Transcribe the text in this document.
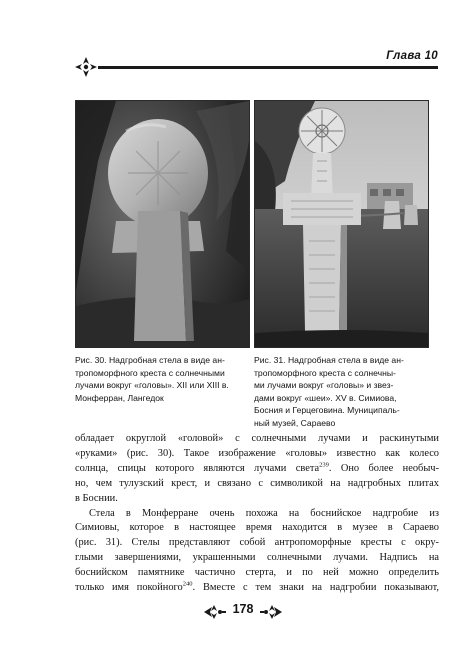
Глава 10
Рис. 30. Надгробная стела в виде ан-
тропоморфного креста с солнечными
лучами вокруг «головы». XII или XIII в.
Монферран, Лангедок
Рис. 31. Надгробная стела в виде ан-
тропоморфного креста с солнечны-
ми лучами вокруг «головы» и звез-
дами вокруг «шеи». XV в. Симиова,
Босния и Герцеговина. Муниципаль-
ный музей, Сараево
обладает округлой «головой» с солнечными лучами и раскинутыми
«руками» (рис. 30). Такое изображение «головы» известно как колесо
солнца, спицы которого являются лучами света$^{239}$. Оно более необыч-
но, чем тулузский крест, и связано с символикой на надгробных плитах
в Боснии.
Стела в Монферране очень похожа на боснийское надгробие из
Симиовы, которое в настоящее время находится в музее в Сараево
(рис. 31). Стелы представляют собой антропоморфные кресты с окру-
глыми завершениями, украшенными солнечными лучами. Надпись на
боснийском памятнике частично стерта, и по ней можно определить
только имя покойного$^{240}$. Вместе с тем знаки на надгробии показывают,
178
